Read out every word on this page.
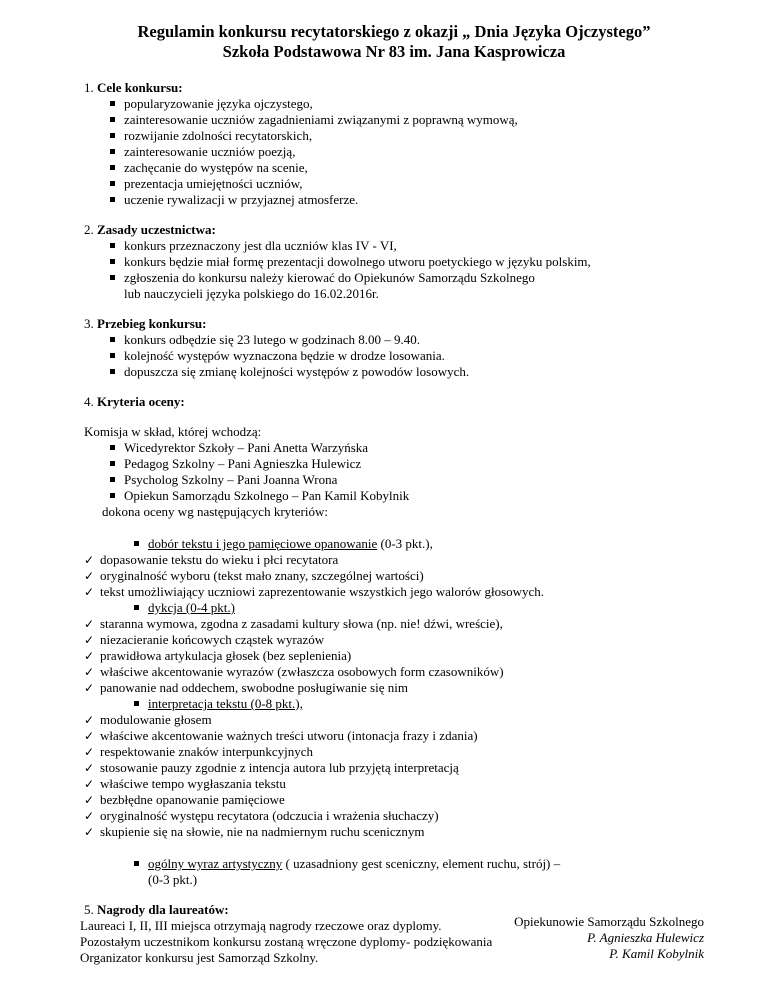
Regulamin konkursu recytatorskiego z okazji „ Dnia Języka Ojczystego”
Szkoła Podstawowa Nr 83 im. Jana Kasprowicza

1. Cele konkursu:

popularyzowanie języka ojczystego,
zainteresowanie uczniów zagadnieniami związanymi z poprawną wymową,
rozwijanie zdolności recytatorskich,
zainteresowanie uczniów poezją,
zachęcanie do występów na scenie,
prezentacja umiejętności uczniów,
uczenie rywalizacji w przyjaznej atmosferze.

2. Zasady uczestnictwa:

konkurs przeznaczony jest dla uczniów klas IV - VI,
konkurs będzie miał formę prezentacji dowolnego utworu poetyckiego w języku polskim,
zgłoszenia do konkursu należy kierować do Opiekunów Samorządu Szkolnego
lub nauczycieli języka polskiego do 16.02.2016r.

3. Przebieg konkursu:

konkurs odbędzie się 23 lutego w godzinach 8.00 – 9.40.
kolejność występów wyznaczona będzie w drodze losowania.
dopuszcza się zmianę kolejności występów z powodów losowych.

4. Kryteria oceny:

Komisja w skład, której wchodzą:

Wicedyrektor Szkoły – Pani Anetta Warzyńska
Pedagog Szkolny – Pani Agnieszka Hulewicz
Psycholog Szkolny – Pani Joanna Wrona
Opiekun Samorządu Szkolnego – Pan Kamil Kobylnik

dokona oceny wg następujących kryteriów:

dobór tekstu i jego pamięciowe opanowanie (0-3 pkt.),
✓ dopasowanie tekstu do wieku i płci recytatora
✓ oryginalność wyboru (tekst mało znany, szczególnej wartości)
✓ tekst umożliwiający uczniowi zaprezentowanie wszystkich jego walorów głosowych.
dykcja (0-4 pkt.)
✓ staranna wymowa, zgodna z zasadami kultury słowa (np. nie! dźwi, wreście),
✓ niezacieranie końcowych cząstek wyrazów
✓ prawidłowa artykulacja głosek (bez seplenienia)
✓ właściwe akcentowanie wyrazów (zwłaszcza osobowych form czasowników)
✓ panowanie nad oddechem, swobodne posługiwanie się nim
interpretacja tekstu (0-8 pkt.),
✓ modulowanie głosem
✓ właściwe akcentowanie ważnych treści utworu (intonacja frazy i zdania)
✓ respektowanie znaków interpunkcyjnych
✓ stosowanie pauzy zgodnie z intencja autora lub przyjętą interpretacją
✓ właściwe tempo wygłaszania tekstu
✓ bezbłędne opanowanie pamięciowe
✓ oryginalność występu recytatora (odczucia i wrażenia słuchaczy)
✓ skupienie się na słowie, nie na nadmiernym ruchu scenicznym
ogólny wyraz artystyczny ( uzasadniony gest sceniczny, element ruchu, strój) –
(0-3 pkt.)

5. Nagrody dla laureatów:

Laureaci I, II, III miejsca otrzymają nagrody rzeczowe oraz dyplomy.
Pozostałym uczestnikom konkursu zostaną wręczone dyplomy- podziękowania
Organizator konkursu jest Samorząd Szkolny.
Opiekunowie Samorządu Szkolnego
P. Agnieszka Hulewicz
P. Kamil Kobylnik
